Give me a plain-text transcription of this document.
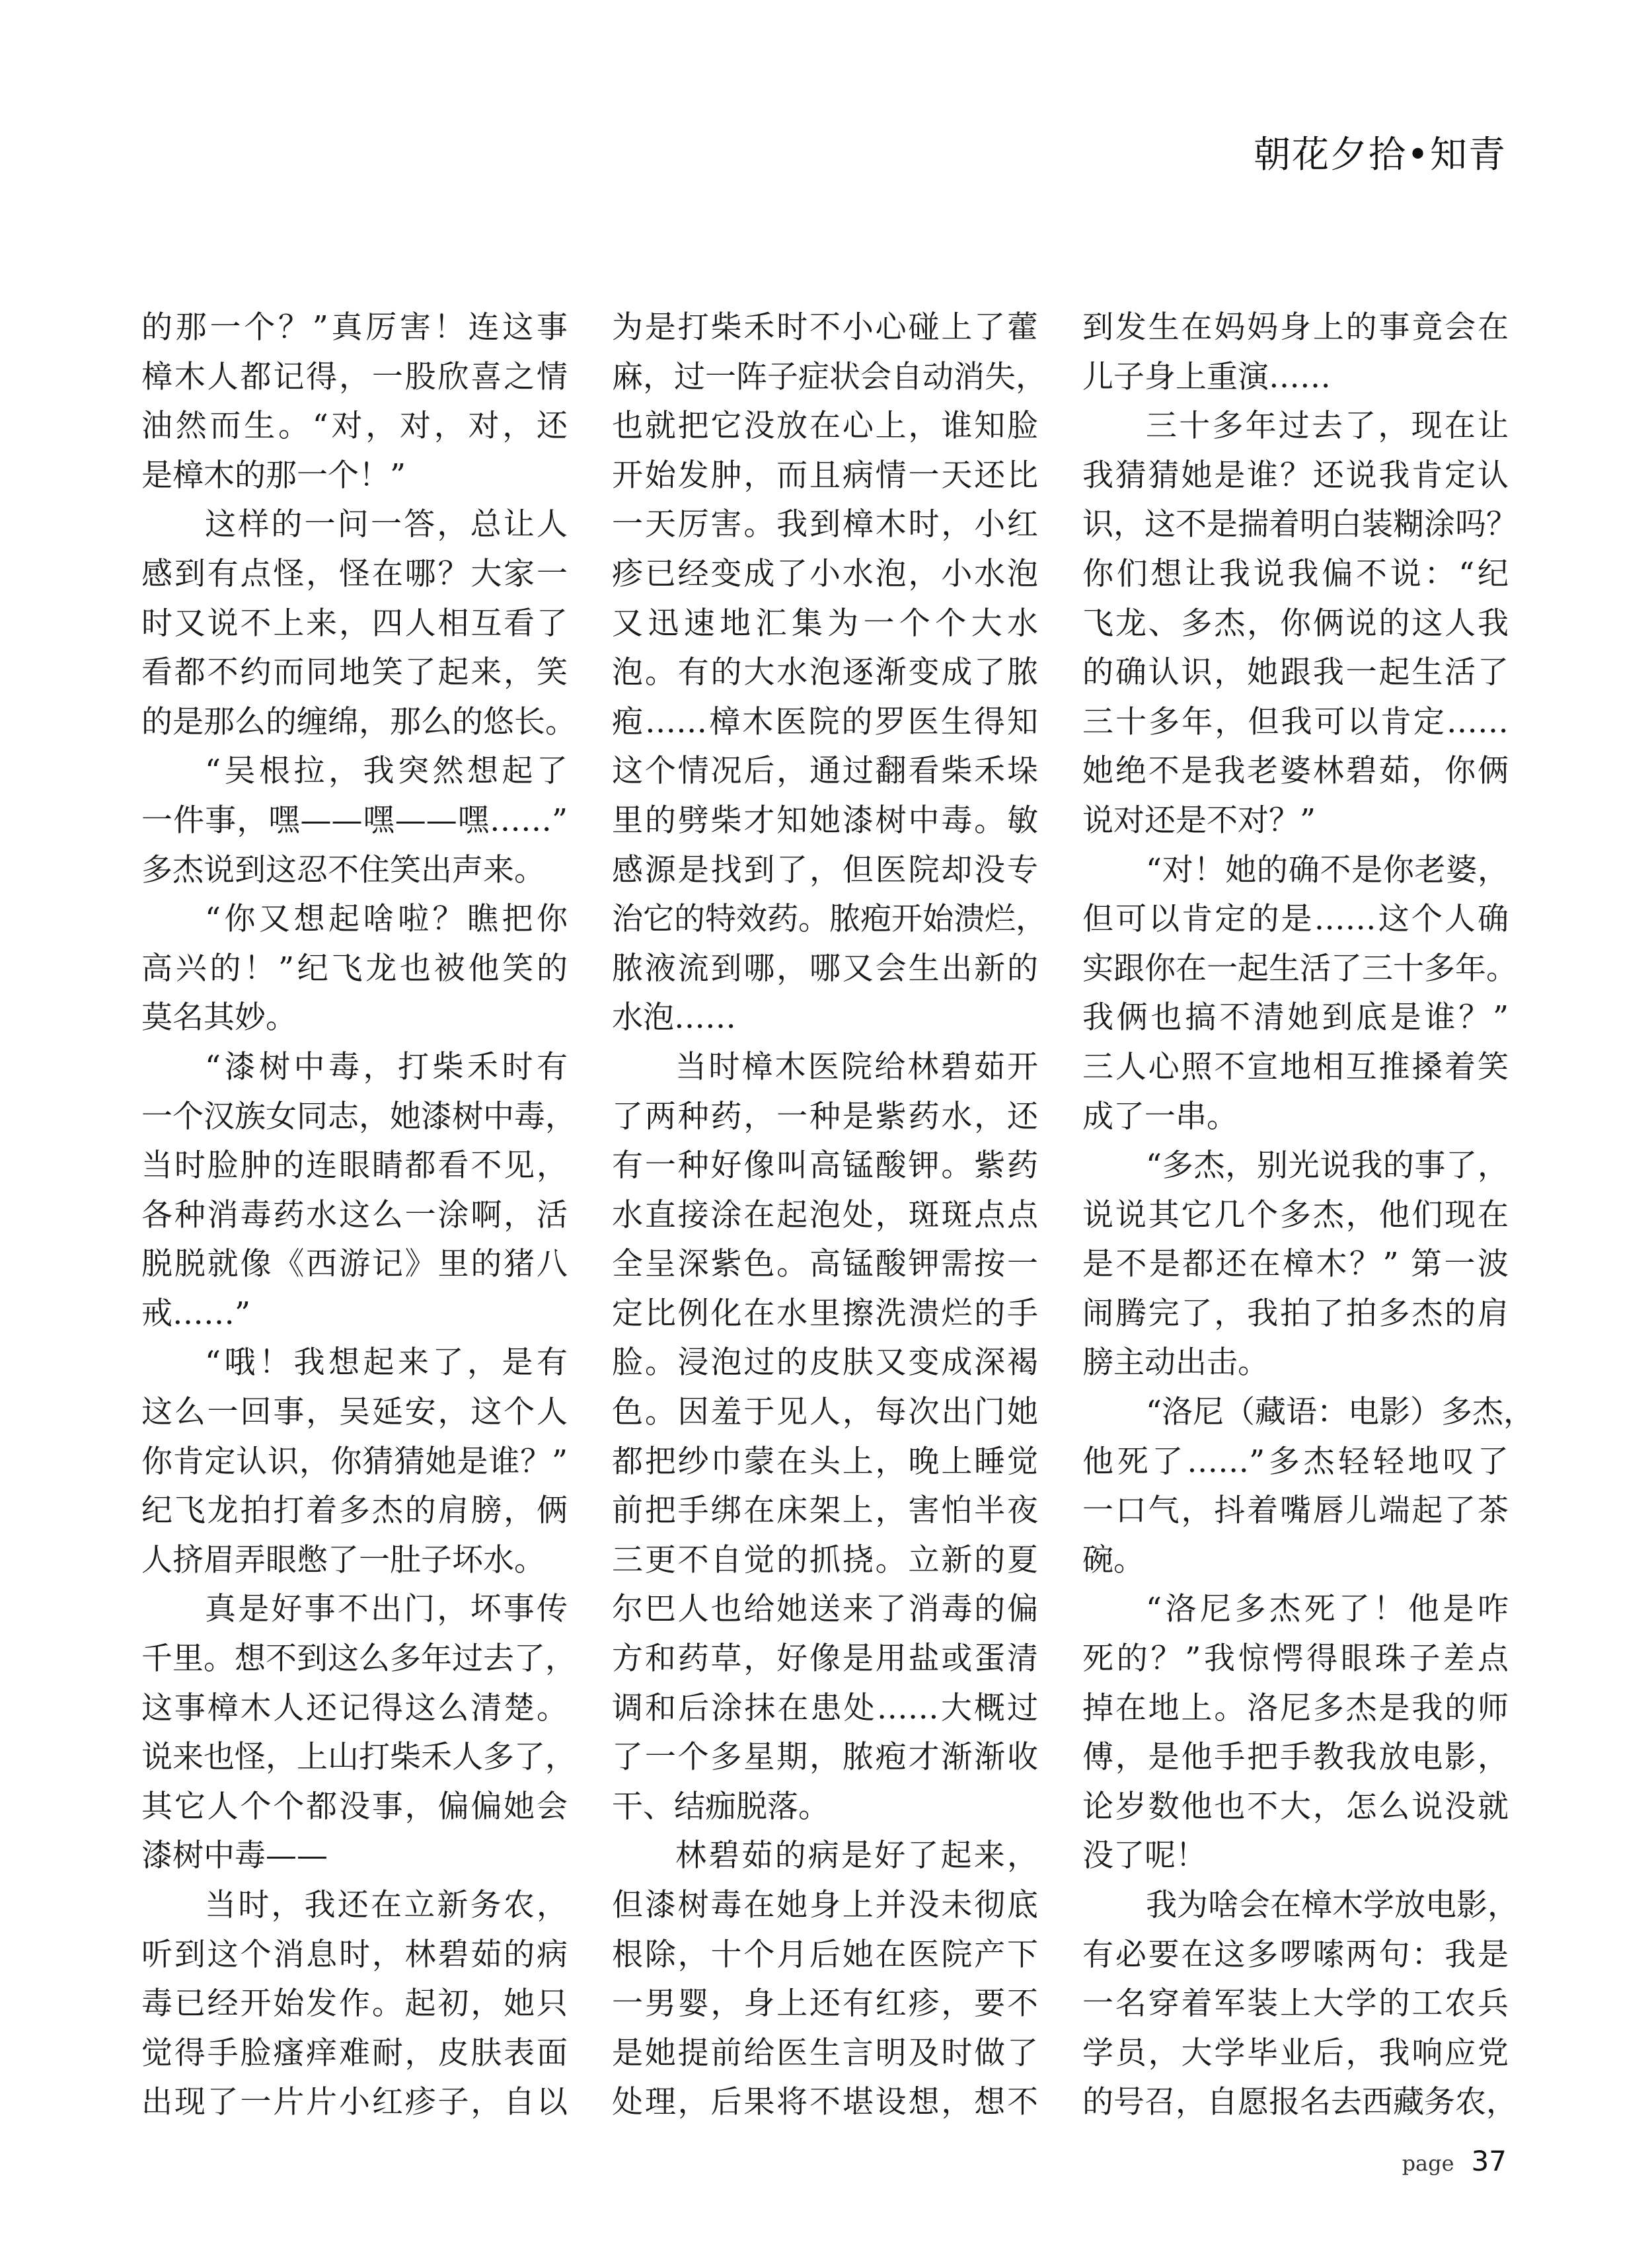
朝花夕拾•知青
的那一个？”真厉害！连这事
樟木人都记得，一股欣喜之情
油然而生。“对，对，对，还
是樟木的那一个！”
这样的一问一答，总让人
感到有点怪，怪在哪？大家一
时又说不上来，四人相互看了
看都不约而同地笑了起来，笑
的是那么的缠绵，那么的悠长。
“吴根拉，我突然想起了
一件事，嘿——嘿——嘿……”
多杰说到这忍不住笑出声来。
“你又想起啥啦？瞧把你
高兴的！”纪飞龙也被他笑的
莫名其妙。
“漆树中毒，打柴禾时有
一个汉族女同志，她漆树中毒，
当时脸肿的连眼睛都看不见，
各种消毒药水这么一涂啊，活
脱脱就像《西游记》里的猪八
戒……”
“哦！我想起来了，是有
这么一回事，吴延安，这个人
你肯定认识，你猜猜她是谁？”
纪飞龙拍打着多杰的肩膀，俩
人挤眉弄眼憋了一肚子坏水。
真是好事不出门，坏事传
千里。想不到这么多年过去了，
这事樟木人还记得这么清楚。
说来也怪，上山打柴禾人多了，
其它人个个都没事，偏偏她会
漆树中毒——
当时，我还在立新务农，
听到这个消息时，林碧茹的病
毒已经开始发作。起初，她只
觉得手脸瘙痒难耐，皮肤表面
出现了一片片小红疹子，自以
为是打柴禾时不小心碰上了藿
麻，过一阵子症状会自动消失，
也就把它没放在心上，谁知脸
开始发肿，而且病情一天还比
一天厉害。我到樟木时，小红
疹已经变成了小水泡，小水泡
又迅速地汇集为一个个大水
泡。有的大水泡逐渐变成了脓
疱……樟木医院的罗医生得知
这个情况后，通过翻看柴禾垛
里的劈柴才知她漆树中毒。敏
感源是找到了，但医院却没专
治它的特效药。脓疱开始溃烂，
脓液流到哪，哪又会生出新的
水泡……
当时樟木医院给林碧茹开
了两种药，一种是紫药水，还
有一种好像叫高锰酸钾。紫药
水直接涂在起泡处，斑斑点点
全呈深紫色。高锰酸钾需按一
定比例化在水里擦洗溃烂的手
脸。浸泡过的皮肤又变成深褐
色。因羞于见人，每次出门她
都把纱巾蒙在头上，晚上睡觉
前把手绑在床架上，害怕半夜
三更不自觉的抓挠。立新的夏
尔巴人也给她送来了消毒的偏
方和药草，好像是用盐或蛋清
调和后涂抹在患处……大概过
了一个多星期，脓疱才渐渐收
干、结痂脱落。
林碧茹的病是好了起来，
但漆树毒在她身上并没未彻底
根除，十个月后她在医院产下
一男婴，身上还有红疹，要不
是她提前给医生言明及时做了
处理，后果将不堪设想，想不
到发生在妈妈身上的事竟会在
儿子身上重演……
三十多年过去了，现在让
我猜猜她是谁？还说我肯定认
识，这不是揣着明白装糊涂吗？
你们想让我说我偏不说：“纪
飞龙、多杰，你俩说的这人我
的确认识，她跟我一起生活了
三十多年，但我可以肯定……
她绝不是我老婆林碧茹，你俩
说对还是不对？”
“对！她的确不是你老婆，
但可以肯定的是……这个人确
实跟你在一起生活了三十多年。
我俩也搞不清她到底是谁？”
三人心照不宣地相互推搡着笑
成了一串。
“多杰，别光说我的事了，
说说其它几个多杰，他们现在
是不是都还在樟木？” 第一波
闹腾完了，我拍了拍多杰的肩
膀主动出击。
“洛尼（藏语：电影）多杰，
他死了……”多杰轻轻地叹了
一口气，抖着嘴唇儿端起了茶
碗。
“洛尼多杰死了！他是咋
死的？”我惊愕得眼珠子差点
掉在地上。洛尼多杰是我的师
傅，是他手把手教我放电影，
论岁数他也不大，怎么说没就
没了呢！
我为啥会在樟木学放电影，
有必要在这多啰嗦两句：我是
一名穿着军装上大学的工农兵
学员，大学毕业后，我响应党
的号召，自愿报名去西藏务农，
page 37
